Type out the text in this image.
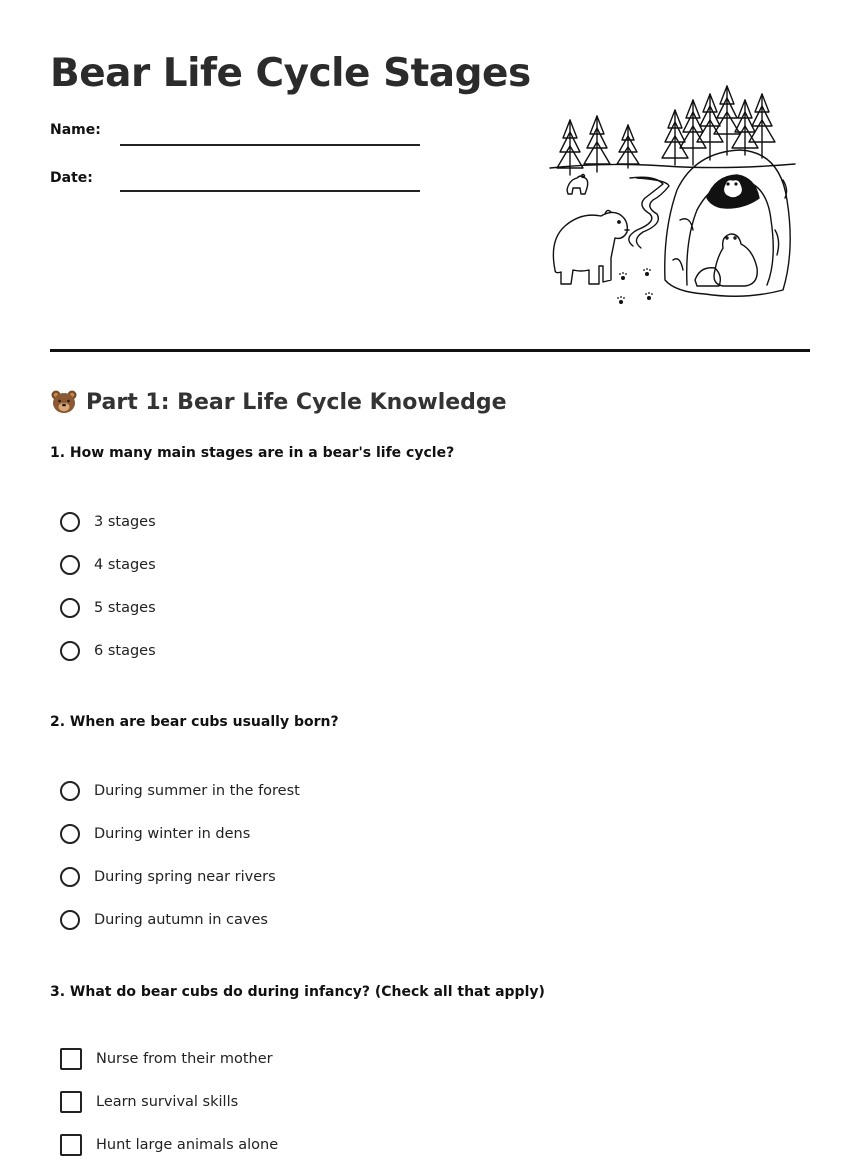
Bear Life Cycle Stages
Name:
Date:
Part 1: Bear Life Cycle Knowledge
1. How many main stages are in a bear's life cycle?
3 stages
4 stages
5 stages
6 stages
2. When are bear cubs usually born?
During summer in the forest
During winter in dens
During spring near rivers
During autumn in caves
3. What do bear cubs do during infancy? (Check all that apply)
Nurse from their mother
Learn survival skills
Hunt large animals alone
